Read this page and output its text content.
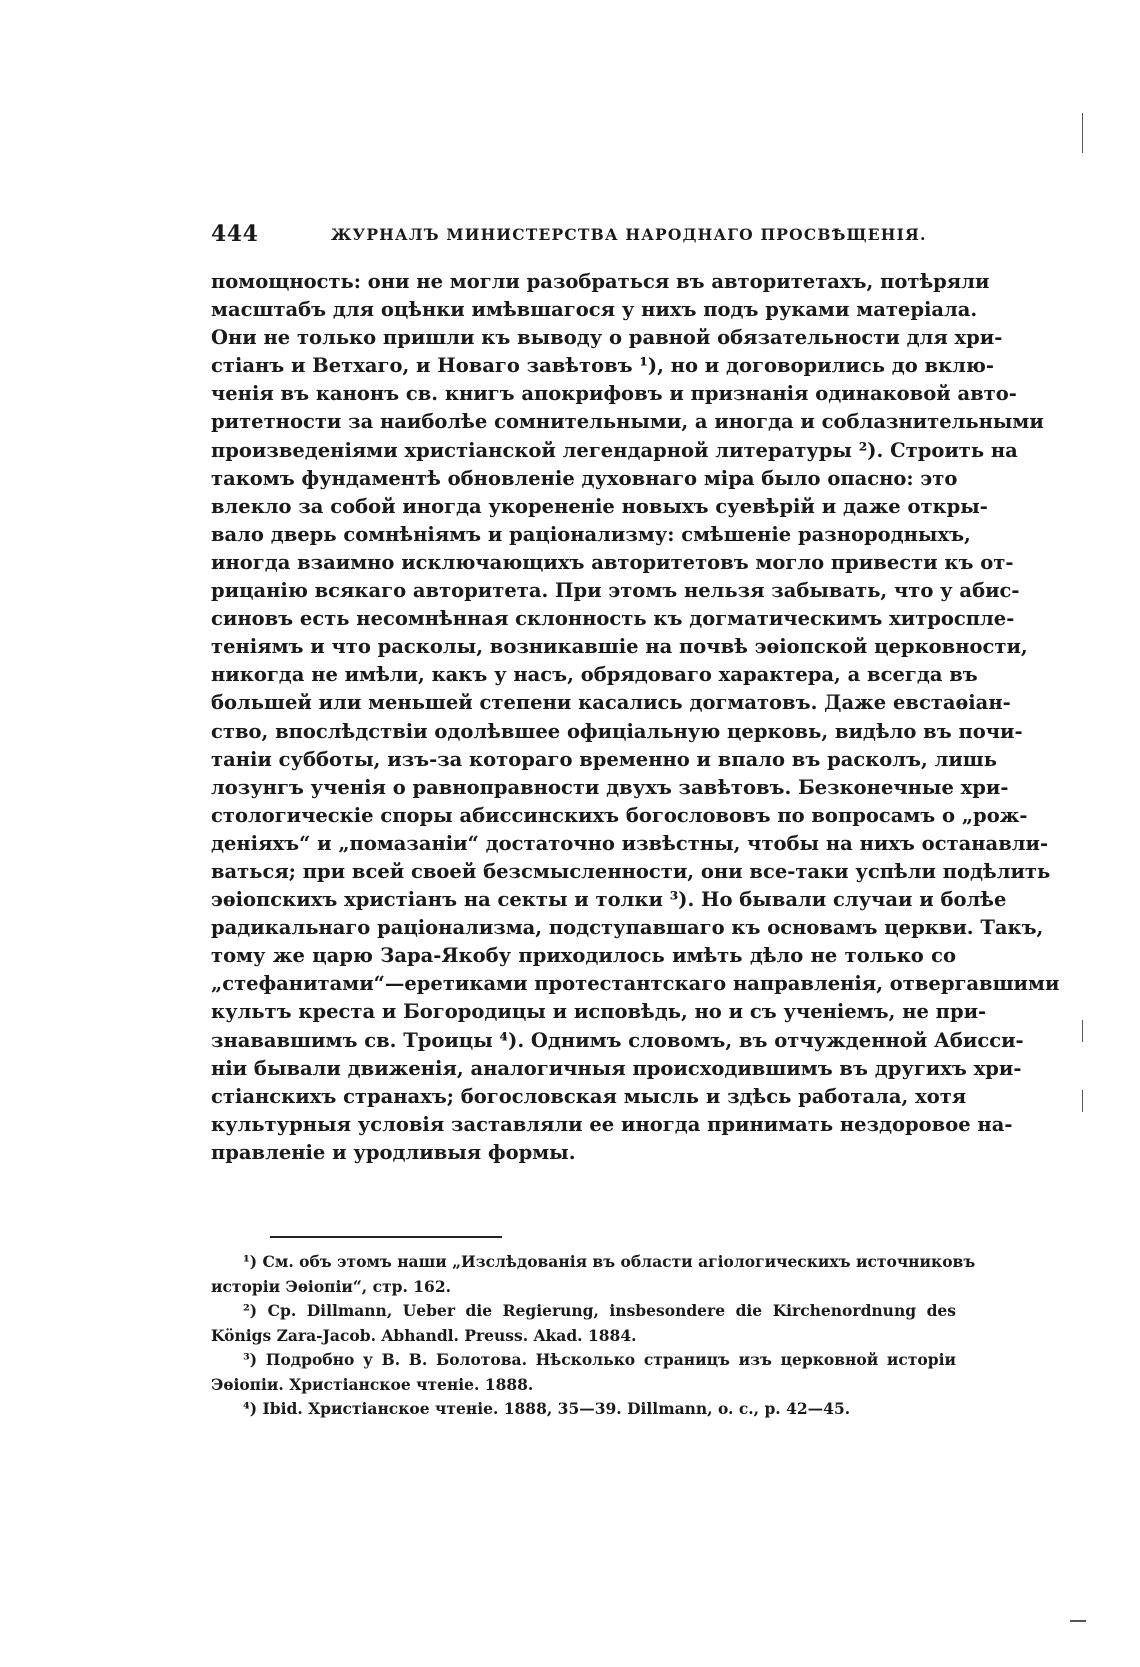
444	ЖУРНАЛЪ МИНИСТЕРСТВА НАРОДНАГО ПРОСВѢЩЕНІЯ.
помощность: они не могли разобраться въ авторитетахъ, потѣряли
масштабъ для оцѣнки имѣвшагося у нихъ подъ руками матеріала.
Они не только пришли къ выводу о равной обязательности для хри-
стіанъ и Ветхаго, и Новаго завѣтовъ ¹), но и договорились до вклю-
ченія въ канонъ св. книгъ апокрифовъ и признанія одинаковой авто-
ритетности за наиболѣе сомнительными, а иногда и соблазнительными
произведеніями христіанской легендарной литературы ²). Строить на
такомъ фундаментѣ обновленіе духовнаго міра было опасно: это
влекло за собой иногда укорененіе новыхъ суевѣрій и даже откры-
вало дверь сомнѣніямъ и раціонализму: смѣшеніе разнородныхъ,
иногда взаимно исключающихъ авторитетовъ могло привести къ от-
рицанію всякаго авторитета. При этомъ нельзя забывать, что у абис-
синовъ есть несомнѣнная склонность къ догматическимъ хитроспле-
теніямъ и что расколы, возникавшіе на почвѣ эѳіопской церковности,
никогда не имѣли, какъ у насъ, обрядоваго характера, а всегда въ
большей или меньшей степени касались догматовъ. Даже евстаѳіан-
ство, впослѣдствіи одолѣвшее офиціальную церковь, видѣло въ почи-
таніи субботы, изъ-за котораго временно и впало въ расколъ, лишь
лозунгъ ученія о равноправности двухъ завѣтовъ. Безконечные хри-
стологическіе споры абиссинскихъ богослововъ по вопросамъ о „рож-
деніяхъ“ и „помазаніи“ достаточно извѣстны, чтобы на нихъ останавли-
ваться; при всей своей безсмысленности, они все-таки успѣли подѣлить
эѳіопскихъ христіанъ на секты и толки ³). Но бывали случаи и болѣе
радикальнаго раціонализма, подступавшаго къ основамъ церкви. Такъ,
тому же царю Зара-Якобу приходилось имѣть дѣло не только со
„стефанитами“—еретиками протестантскаго направленія, отвергавшими
культъ креста и Богородицы и исповѣдь, но и съ ученіемъ, не при-
знававшимъ св. Троицы ⁴). Однимъ словомъ, въ отчужденной Абисси-
ніи бывали движенія, аналогичныя происходившимъ въ другихъ хри-
стіанскихъ странахъ; богословская мысль и здѣсь работала, хотя
культурныя условія заставляли ее иногда принимать нездоровое на-
правленіе и уродливыя формы.
¹) См. объ этомъ наши „Изслѣдованія въ области агіологическихъ источниковъ
исторіи Эѳіопіи“, стр. 162.
²) Ср. Dillmann, Ueber die Regierung, insbesondere die Kirchenordnung des
Königs Zara-Jacob. Abhandl. Preuss. Akad. 1884.
³) Подробно у В. В. Болотова. Нѣсколько страницъ изъ церковной исторіи
Эѳіопіи. Христіанское чтеніе. 1888.
⁴) Ibid. Христіанское чтеніе. 1888, 35—39. Dillmann, o. c., p. 42—45.
